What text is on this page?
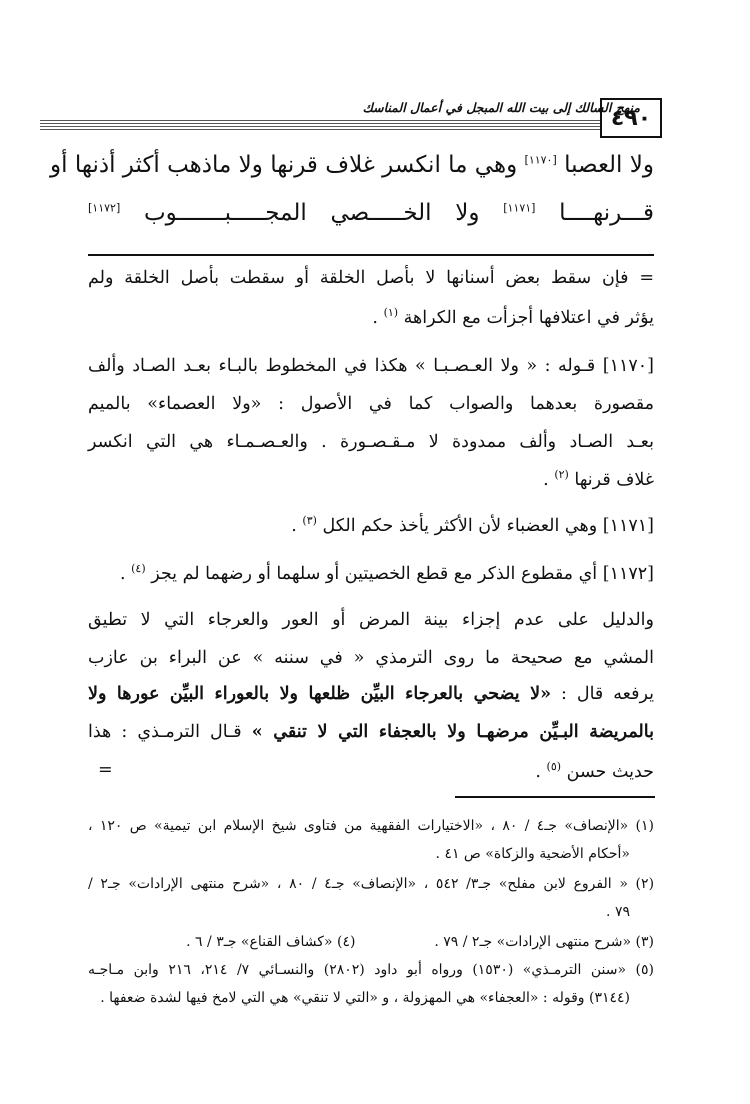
٤٩٠
منهج السالك إلى بيت الله المبجل في أعمال المناسك
ولا العصبا [١١٧٠] وهي ما انكسر غلاف قرنها ولا ماذهب أكثر أذنها أو
قـــرنهــــا [١١٧١] ولا الخـــــصي المجـــــبـــــــوب [١١٧٢]
= فإن سقط بعض أسنانها لا بأصل الخلقة أو سقطت بأصل الخلقة ولم
يؤثر في اعتلافها أجزأت مع الكراهة $^{(١)}$ .
[١١٧٠] قـوله : « ولا العـصـبـا » هكذا في المخطوط بالبـاء بعـد الصـاد وألف
مقصورة بعدهما والصواب كما في الأصول : «ولا العصماء» بالميم
بعـد الصـاد وألف ممدودة لا مـقـصـورة . والعـصـمـاء هي التي انكسر
غلاف قرنها $^{(٢)}$ .
[١١٧١] وهي العضباء لأن الأكثر يأخذ حكم الكل $^{(٣)}$ .
[١١٧٢] أي مقطوع الذكر مع قطع الخصيتين أو سلهما أو رضهما لم يجز $^{(٤)}$ .
والدليل على عدم إجزاء بينة المرض أو العور والعرجاء التي لا تطيق
المشي مع صحيحة ما روى الترمذي « في سننه » عن البراء بن عازب
يرفعه قال : «لا يضحي بالعرجاء البيِّن ظلعها ولا بالعوراء البيِّن عورها ولا
بالمريضة البـيِّن مرضهـا ولا بالعجفاء التي لا تنقي » قـال الترمـذي : هذا
حديث حسن $^{(٥)}$ .
=
(١) «الإنصاف» جـ٤ / ٨٠ ، «الاختيارات الفقهية من فتاوى شيخ الإسلام ابن تيمية» ص ١٢٠ ،
«أحكام الأضحية والزكاة» ص ٤١ .
(٢) « الفروع لابن مفلح» جـ٣/ ٥٤٢ ، «الإنصاف» جـ٤ / ٨٠ ، «شرح منتهى الإرادات» جـ٢ /
٧٩ .
(٣) «شرح منتهى الإرادات» جـ٢ / ٧٩ .  (٤) «كشاف القناع» جـ٣ / ٦ .
(٥) «سنن الترمـذي» (١٥٣٠) ورواه أبو داود (٢٨٠٢) والنسـائي ٧/ ٢١٤، ٢١٦ وابن مـاجـه
(٣١٤٤) وقوله : «العجفاء» هي المهزولة ، و «التي لا تنقي» هي التي لامخ فيها لشدة ضعفها .
